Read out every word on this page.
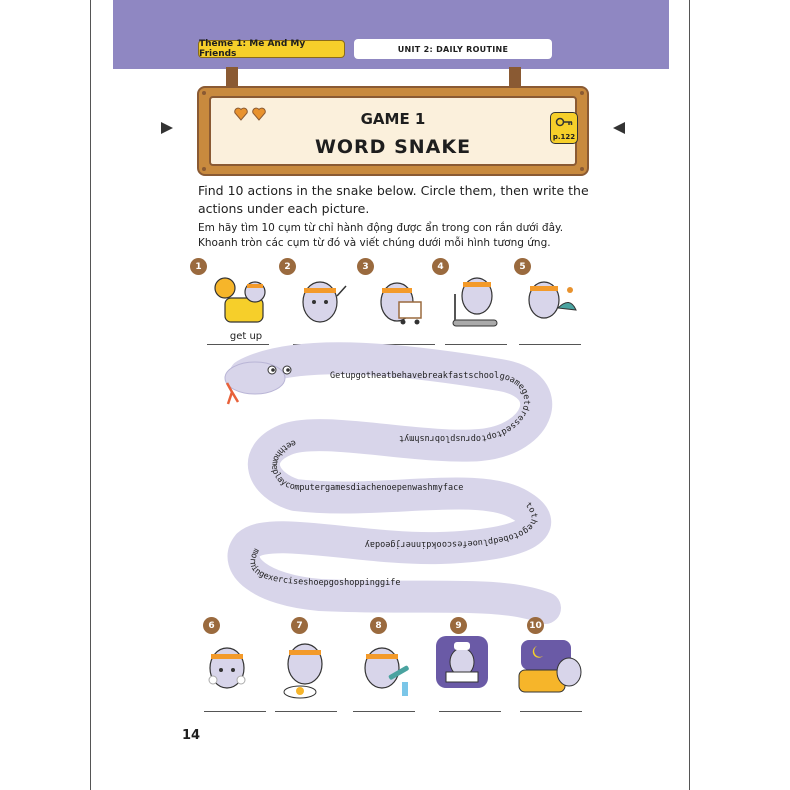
Theme 1: Me And My Friends	UNIT 2: DAILY ROUTINE
GAME 1
WORD SNAKE	p.122
Find 10 actions in the snake below. Circle them, then write the actions under each picture.
Em hãy tìm 10 cụm từ chỉ hành động được ẩn trong con rắn dưới đây. Khoanh tròn các cụm từ đó và viết chúng dưới mỗi hình tương ứng.
1
get up
2	3	4	5
Getupgotheatbehavebreakfastschoolgoamegetdressedtoptoprusplobrushmyt
eethhomeplaycomputergamesdiachenoepenwashmyface
tothegotobedpluoefescookdinnerjgeoday
morningexerciseshoepgoshoppinggife
6	7	8	9	10
14
